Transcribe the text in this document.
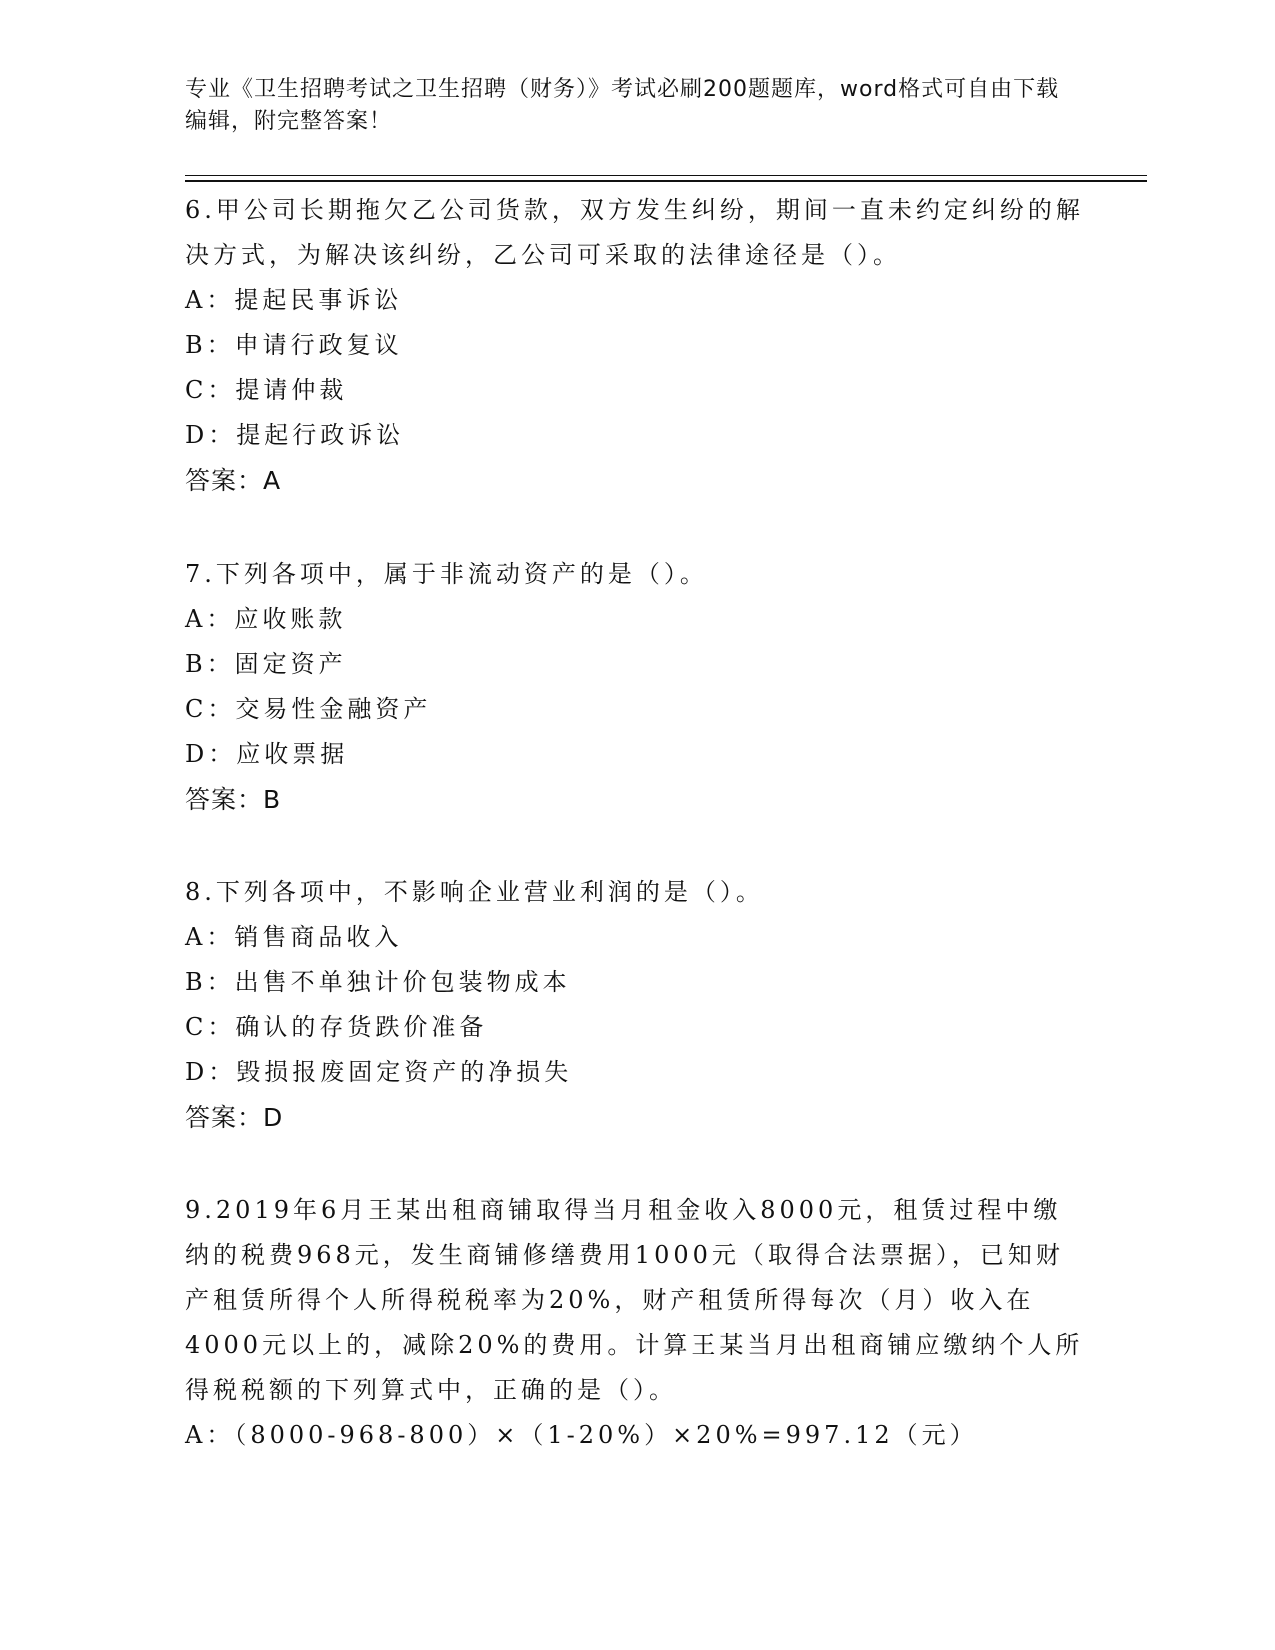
专业《卫生招聘考试之卫生招聘（财务）》考试必刷200题题库，word格式可自由下载编辑，附完整答案！
6.甲公司长期拖欠乙公司货款，双方发生纠纷，期间一直未约定纠纷的解决方式，为解决该纠纷，乙公司可采取的法律途径是（）。
A：提起民事诉讼
B：申请行政复议
C：提请仲裁
D：提起行政诉讼
答案：A
7.下列各项中，属于非流动资产的是（）。
A：应收账款
B：固定资产
C：交易性金融资产
D：应收票据
答案：B
8.下列各项中，不影响企业营业利润的是（）。
A：销售商品收入
B：出售不单独计价包装物成本
C：确认的存货跌价准备
D：毁损报废固定资产的净损失
答案：D
9.2019年6月王某出租商铺取得当月租金收入8000元，租赁过程中缴纳的税费968元，发生商铺修缮费用1000元（取得合法票据），已知财产租赁所得个人所得税税率为20%，财产租赁所得每次（月）收入在4000元以上的，减除20%的费用。计算王某当月出租商铺应缴纳个人所得税税额的下列算式中，正确的是（）。
A：（8000-968-800）×（1-20%）×20%=997.12（元）
